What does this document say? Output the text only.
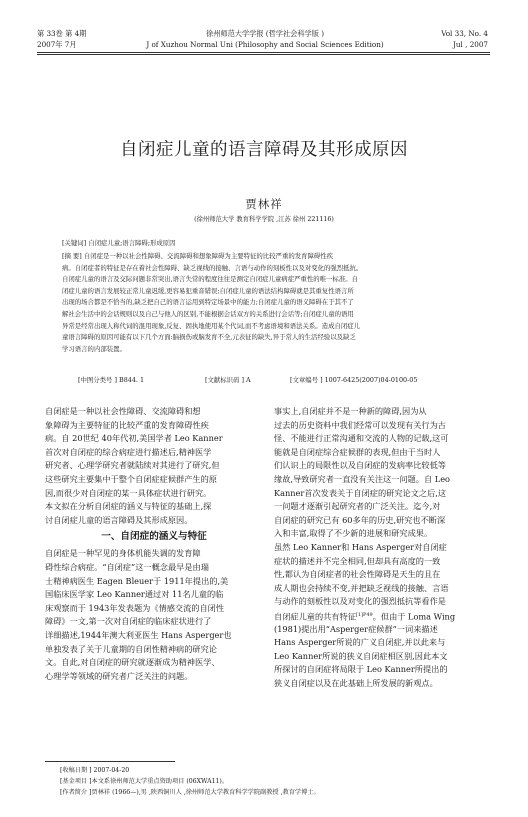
第 33卷 第 4期
2007年 7月
徐州师范大学学报 (哲学社会科学版 )
J of Xuzhou Normal Uni (Philosophy and Social Sciences Edition)
Vol 33, No. 4
Jul , 2007
自闭症儿童的语言障碍及其形成原因
贾林祥
(徐州师范大学 教育科学学院 ,江苏 徐州 221116)
[关键词] 自闭症儿童;语言障碍;形成原因
[摘 要] 自闭症是一种以社会性障碍、交流障碍和想象障碍为主要特征的比较严重的发育障碍性疾
病。自闭症者的特征是存在着社会性障碍、缺乏视线的接触、言语与动作的刻板性以及对变化的强烈抵抗。
自闭症儿童的语言及交际问题非常突出,语言失常的程度往往是测定自闭症儿童病症严重性的唯一标准。自
闭症儿童的语言发展较正常儿童迟缓,更容易犯重音错误;自闭症儿童的语法结构障碍就是其重复性语言所
出现的场合都是不恰当的,缺乏把自己的语言运用到特定场景中的能力;自闭症儿童的语义障碍在于其不了
解社会生活中的会话规则以及自己与他人的区别,不能根据会话双方的关系进行会话等;自闭症儿童的语用
异常是经常出现人称代词的混用现象,反复、固执地使用某个代词,而不考虑语境和语法关系。造成自闭症儿
童语言障碍的原因可能有以下几个方面:脑损伤或脑发育不全,元表征的缺失,异于常人的生活经验以及缺乏
学习语言的内部装置。
[中图分类号 ] B844. 1	[文献标识码 ] A	[文章编号 ] 1007-6425(2007)04-0100-05
自闭症是一种以社会性障碍、交流障碍和想
象障碍为主要特征的比较严重的发育障碍性疾
病。自 20世纪 40年代初,美国学者 Leo Kanner
首次对自闭症的综合病症进行描述后,精神医学
研究者、心理学研究者就陆续对其进行了研究,但
这些研究主要集中于整个自闭症症候群产生的原
因,而很少对自闭症的某一具体症状进行研究。
本文拟在分析自闭症的涵义与特征的基础上,探
讨自闭症儿童的语言障碍及其形成原因。
一、自闭症的涵义与特征
自闭症是一种罕见的身体机能失调的发育障
碍性综合病症。“自闭症”这一概念最早是由瑞
士精神病医生 Eagen Bleuer于 1911年提出的,美
国临床医学家 Leo Kanner通过对 11名儿童的临
床观察而于 1943年发表题为《情感交流的自闭性
障碍》一文,第一次对自闭症的临床症状进行了
详细描述,1944年澳大利亚医生 Hans Asperger也
单独发表了关于儿童期的自闭性精神病的研究论
文。自此,对自闭症的研究就逐渐成为精神医学、
心理学等领域的研究者广泛关注的问题。
事实上,自闭症并不是一种新的障碍,因为从
过去的历史资料中我们经常可以发现有关行为古
怪、不能进行正常沟通和交流的人物的记载,这可
能就是自闭症综合症候群的表现,但由于当时人
们认识上的局限性以及自闭症的发病率比较低等
缘故,导致研究者一直没有关注这一问题。自 Leo
Kanner首次发表关于自闭症的研究论文之后,这
一问题才逐渐引起研究者的广泛关注。迄今,对
自闭症的研究已有 60多年的历史,研究也不断深
入和丰富,取得了不少新的进展和研究成果。
虽然 Leo Kanner和 Hans Asperger对自闭症
症状的描述并不完全相同,但却具有高度的一致
性,都认为自闭症者的社会性障碍是天生的且在
成人期也会持续不变,并把缺乏视线的接触、言语
与动作的刻板性以及对变化的强烈抵抗等看作是
自闭症儿童的共有特征$^{[1]P49}$。但由于 Loma Wing
(1981)提出用“Asperger症候群”一词来描述
Hans Asperger所说的广义自闭症,并以此来与
Leo Kanner所说的狭义自闭症相区别,因此本文
所探讨的自闭症将局限于 Leo Kanner所提出的
狭义自闭症以及在此基础上所发展的新观点。
[收稿日期 ] 2007-04-20
[基金项目 ]本文系徐州师范大学重点资助项目 (06XWA11)。
[作者简介 ]贾林祥 (1966—),男 ,陕西铜川人 ,徐州师范大学教育科学学院副教授 ,教育学博士。
